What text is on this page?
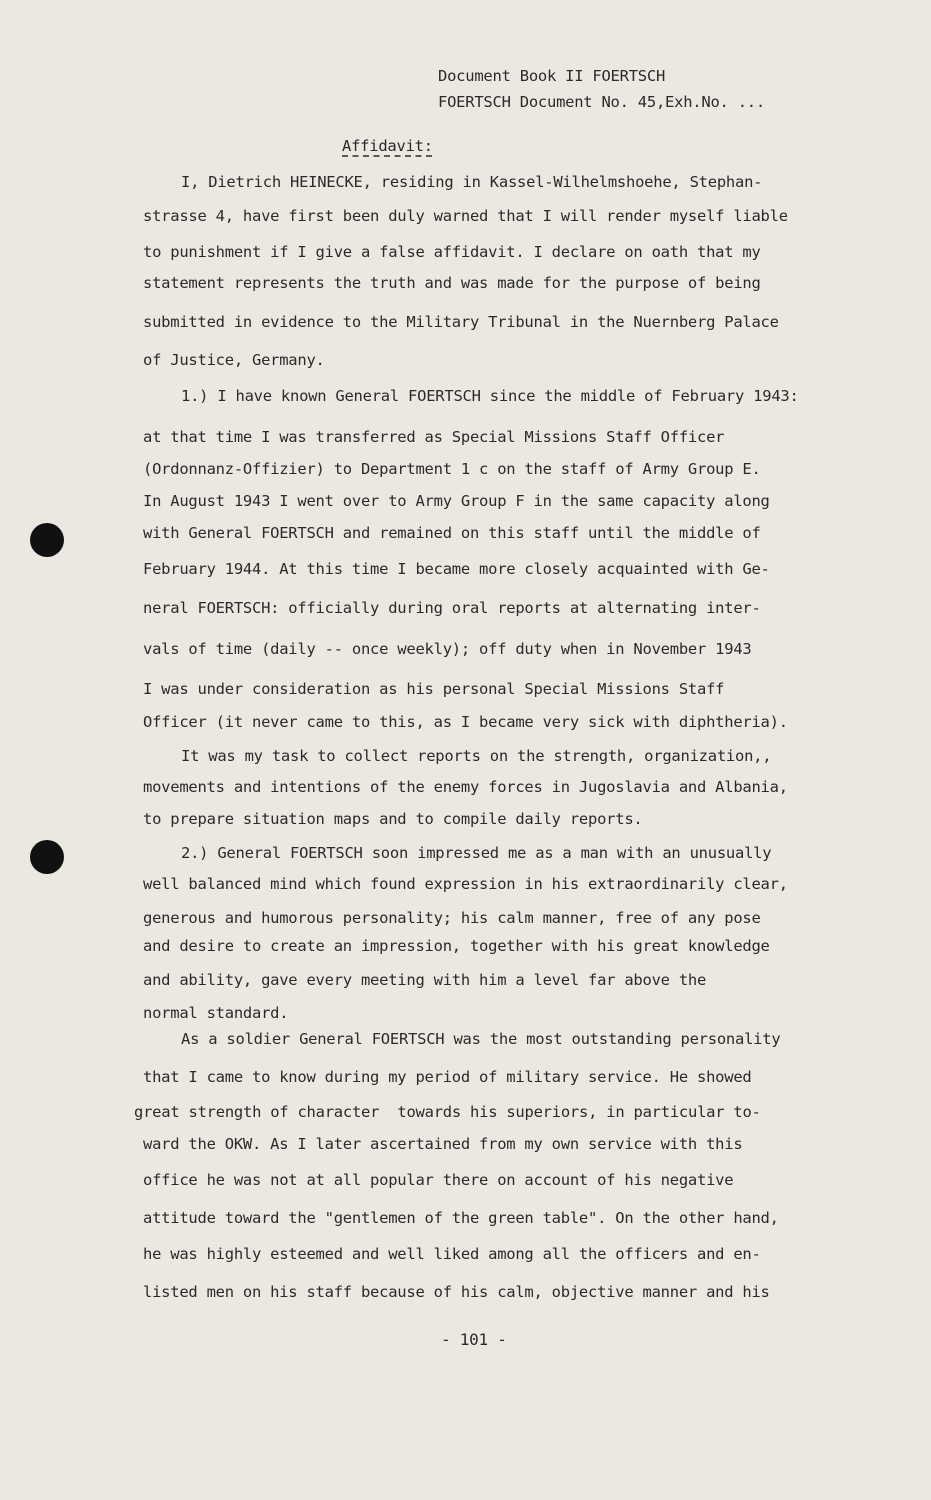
Document Book II FOERTSCH
FOERTSCH Document No. 45,Exh.No. ...
Affidavit:
I, Dietrich HEINECKE, residing in Kassel-Wilhelmshoehe, Stephan-
strasse 4, have first been duly warned that I will render myself liable
to punishment if I give a false affidavit. I declare on oath that my
statement represents the truth and was made for the purpose of being
submitted in evidence to the Military Tribunal in the Nuernberg Palace
of Justice, Germany.
1.) I have known General FOERTSCH since the middle of February 1943:
at that time I was transferred as Special Missions Staff Officer
(Ordonnanz-Offizier) to Department 1 c on the staff of Army Group E.
In August 1943 I went over to Army Group F in the same capacity along
with General FOERTSCH and remained on this staff until the middle of
February 1944. At this time I became more closely acquainted with Ge-
neral FOERTSCH: officially during oral reports at alternating inter-
vals of time (daily -- once weekly); off duty when in November 1943
I was under consideration as his personal Special Missions Staff
Officer (it never came to this, as I became very sick with diphtheria).
It was my task to collect reports on the strength, organization,,
movements and intentions of the enemy forces in Jugoslavia and Albania,
to prepare situation maps and to compile daily reports.
2.) General FOERTSCH soon impressed me as a man with an unusually
well balanced mind which found expression in his extraordinarily clear,
generous and humorous personality; his calm manner, free of any pose
and desire to create an impression, together with his great knowledge
and ability, gave every meeting with him a level far above the
normal standard.
As a soldier General FOERTSCH was the most outstanding personality
that I came to know during my period of military service. He showed
great strength of character  towards his superiors, in particular to-
ward the OKW. As I later ascertained from my own service with this
office he was not at all popular there on account of his negative
attitude toward the "gentlemen of the green table". On the other hand,
he was highly esteemed and well liked among all the officers and en-
listed men on his staff because of his calm, objective manner and his
- 101 -
